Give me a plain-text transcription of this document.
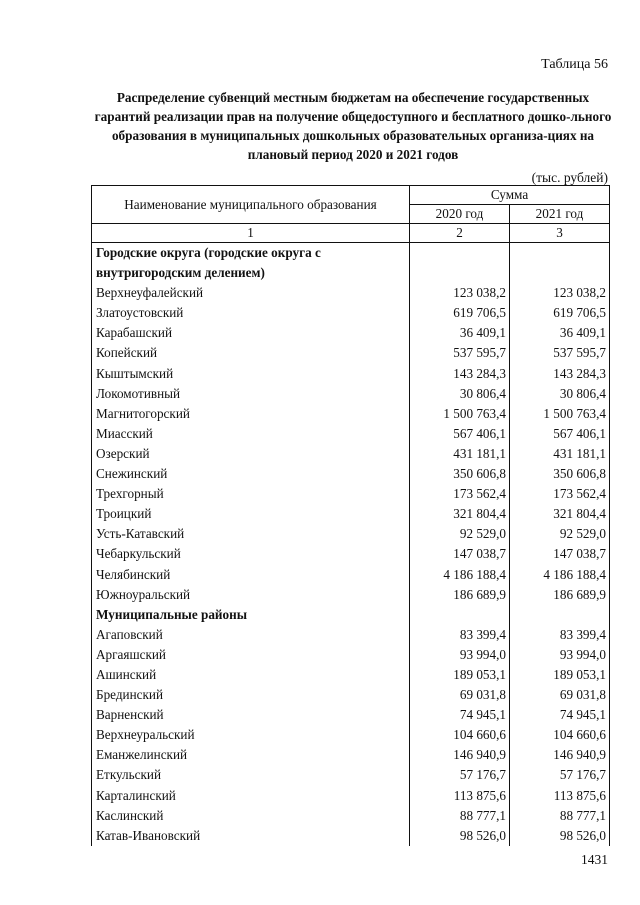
Таблица 56
Распределение субвенций местным бюджетам на обеспечение государственных гарантий реализации прав на получение общедоступного и бесплатного дошко-льного образования в муниципальных дошкольных образовательных организа-циях на плановый период 2020 и 2021 годов
(тыс. рублей)
Наименование муниципального образования	Сумма	
	2020 год	2021 год
1	2	3
Городские округа (городские округа с внутригородским делением)		
Верхнеуфалейский	123 038,2	123 038,2
Златоустовский	619 706,5	619 706,5
Карабашский	36 409,1	36 409,1
Копейский	537 595,7	537 595,7
Кыштымский	143 284,3	143 284,3
Локомотивный	30 806,4	30 806,4
Магнитогорский	1 500 763,4	1 500 763,4
Миасский	567 406,1	567 406,1
Озерский	431 181,1	431 181,1
Снежинский	350 606,8	350 606,8
Трехгорный	173 562,4	173 562,4
Троицкий	321 804,4	321 804,4
Усть-Катавский	92 529,0	92 529,0
Чебаркульский	147 038,7	147 038,7
Челябинский	4 186 188,4	4 186 188,4
Южноуральский	186 689,9	186 689,9
Муниципальные районы		
Агаповский	83 399,4	83 399,4
Аргаяшский	93 994,0	93 994,0
Ашинский	189 053,1	189 053,1
Брединский	69 031,8	69 031,8
Варненский	74 945,1	74 945,1
Верхнеуральский	104 660,6	104 660,6
Еманжелинский	146 940,9	146 940,9
Еткульский	57 176,7	57 176,7
Карталинский	113 875,6	113 875,6
Каслинский	88 777,1	88 777,1
Катав-Ивановский	98 526,0	98 526,0
1431
